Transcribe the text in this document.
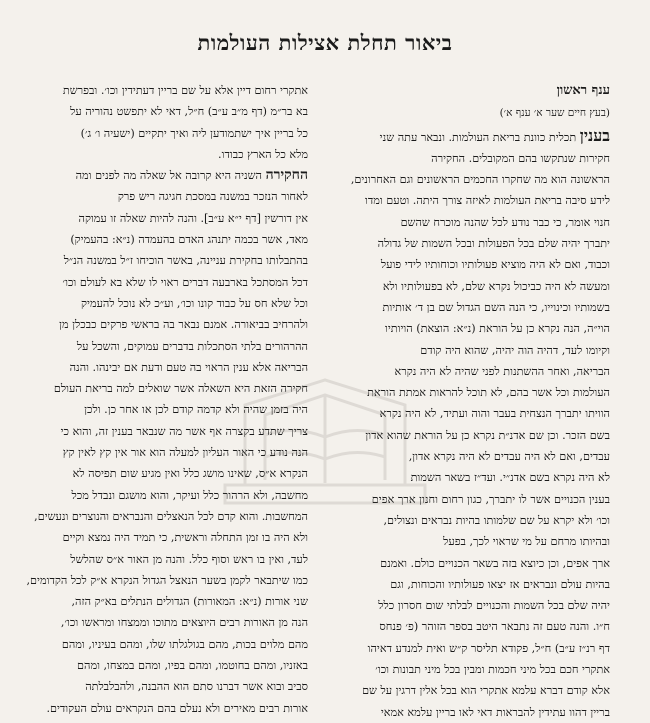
ביאור תחלת אצילות העולמות
ענף ראשון
(בעץ חיים שער א׳ ענף א׳)
בענין תכלית כוונת בריאת העולמות. ונבאר עתה שני
חקירות שנתקשו בהם המקובלים. החקירה
הראשונה הוא מה שחקרו החכמים הראשונים וגם האחרונים,
לידע סיבה בריאת העולמות לאיזה צורך היתה. וטעם ומדו
חנוי אומר, כי כבר נודע לכל שהנה מוכרח שהשם
יתברך יהיה שלם בכל הפעולות ובכל השמות של גדולה
וכבוד, ואם לא היה מוציא פעולותיו וכוחותיו לידי פועל
ומעשה לא היה כביכול נקרא שלם, לא בפעולותיו ולא
בשמותיו וכינוייו, כי הנה השם הגדול שם בן ד׳ אותיות
הוי״ה, הנה נקרא כן על הוראת (נ״א: הוצאת) הויותיו
וקיומו לעד, דהיה הוה יהיה, שהוא היה קודם
הבריאה, ואחר ההשתנות לפני שהיה לא היה נקרא
העולמות וכל אשר בהם, לא תוכל להראות אמתת הוראת
הוויתו יתברך הנצחית בעבר והוה ועתיד, לא היה נקרא
בשם הזכר. וכן שם אדנ״ת נקרא כן על הוראת שהוא אדון
עבדים, ואם לא היה עבדים לא היה נקרא אדון,
לא היה נקרא בשם אדנ״י. ועד״ז בשאר השמות
בענין הכנויים אשר לו יתברך, כגון רחום וחנון ארך אפים
וכו׳ ולא יקרא על שם שלמותו בהיות נבראים ונצולים,
ובהיותו מרחם על מי שראוי לכך, בפעל
ארך אפים, וכן כיוצא בזה בשאר הכנויים כולם. ואמנם
בהיות עולם ונבראים אז יצאו פעולותיו והכוחות, וגם
יהיה שלם בכל השמות והכנויים לבלתי שום חסרון כלל
ח״ו. והנה טעם זה נתבאר היטב בספר הזוהר (פ׳ פנחס
דף רנ״ז ע״ב) ח״ל, פקודא תליסר ק״ש ואית למנדע דאיהו
אתקרי חכם בכל מיני חכמות ומבין בכל מיני תבונות וכו׳
אלא קודם דברא עלמא אתקרי הוא בכל אלין דרגין על שם
בריין דהוו עתידין להבראות דאי לאו בריין עלמא אמאי
אתקרי רחום דיין אלא על שם בריין דעתידין וכו׳. ובפרשת
בא בר״מ (דף מ״ב ע״ב) ח״ל, דאי לא יתפשט נהוריה על
כל בריין איך ישתמודען ליה ואיך יתקיים (ישעיה ו׳ ג׳)
מלא כל הארץ כבודו.
החקירה השניה היא קרובה אל שאלה מה לפנים ומה
לאחור הנזכר במשנה במסכת חגיגה ריש פרק
אין דורשין [דף י״א ע״ב]. והנה להיות שאלה זו עמוקה
מאד, אשר בכמה יתנהג האדם בהעמדה (נ״א: בהעמיק)
בהתבלותו בחקירת עניינה, באשר הוכיחו ז״ל במשנה הנ״ל
דכל המסתכל בארבעה דברים ראוי לו שלא בא לעולם וכו׳
וכל שלא חס על כבוד קונו וכו׳, וע״כ לא נוכל להעמיק
ולהרחיב בביאורה. אמנם נבאר בה בראשי פרקים כבכלן מן
ההרהורים בלתי הסתכלות בדברים עמוקים, והשכל על
הבריאה אלא ענין הראוי בה טעם ודעת אם יבינהו. והנה
חקירה הזאת היא השאלה אשר שואלים למה בריאת העולם
היה בזמן שהיה ולא קדמה קודם לכן או אחר כן. ולכן
צריך שתדע בקצרה אף אשר מה שנבאר בענין זה, והוא כי
הנה נודע כי האור העליון למעלה הוא אור אין קץ לאין קץ
הנקרא א״ס, שאינו מושג כלל ואין מגיע שום תפיסה לא
מחשבה, ולא הרהור כלל ועיקר, והוא מושגם ונבדל מכל
המחשבות. והוא קדם לכל הנאצלים והנבראים והנוצרים ונעשים,
ולא היה בו זמן התחלה וראשית, כי תמיד היה נמצא וקיים
לעד, ואין בו ראש וסוף כלל. והנה מן האור א״ס שהלשל
כמו שיתבאר לקמן בשער הנאצל הגדול הנקרא א״ק לכל הקדומים,
שני אורות (נ״א: המאורות) הגדולים הנתלים בא״ק הזה,
הנה מן האורות רבים היוצאים מתוכו וממצחו ומראשו וכו׳,
מהם מלוים בכות, מהם בגולגלתו שלו, ומהם בעיניו, ומהם
באזניו, ומהם בחוטמו, ומהם בפיו, ומהם במצחו, ומהם
סביב ובוא אשר דברנו סתם הוא ההבנה, ולהבלבלתה
אורות רבים מאירים ולא נעלם בהם הנקראים עולם העקודים.
